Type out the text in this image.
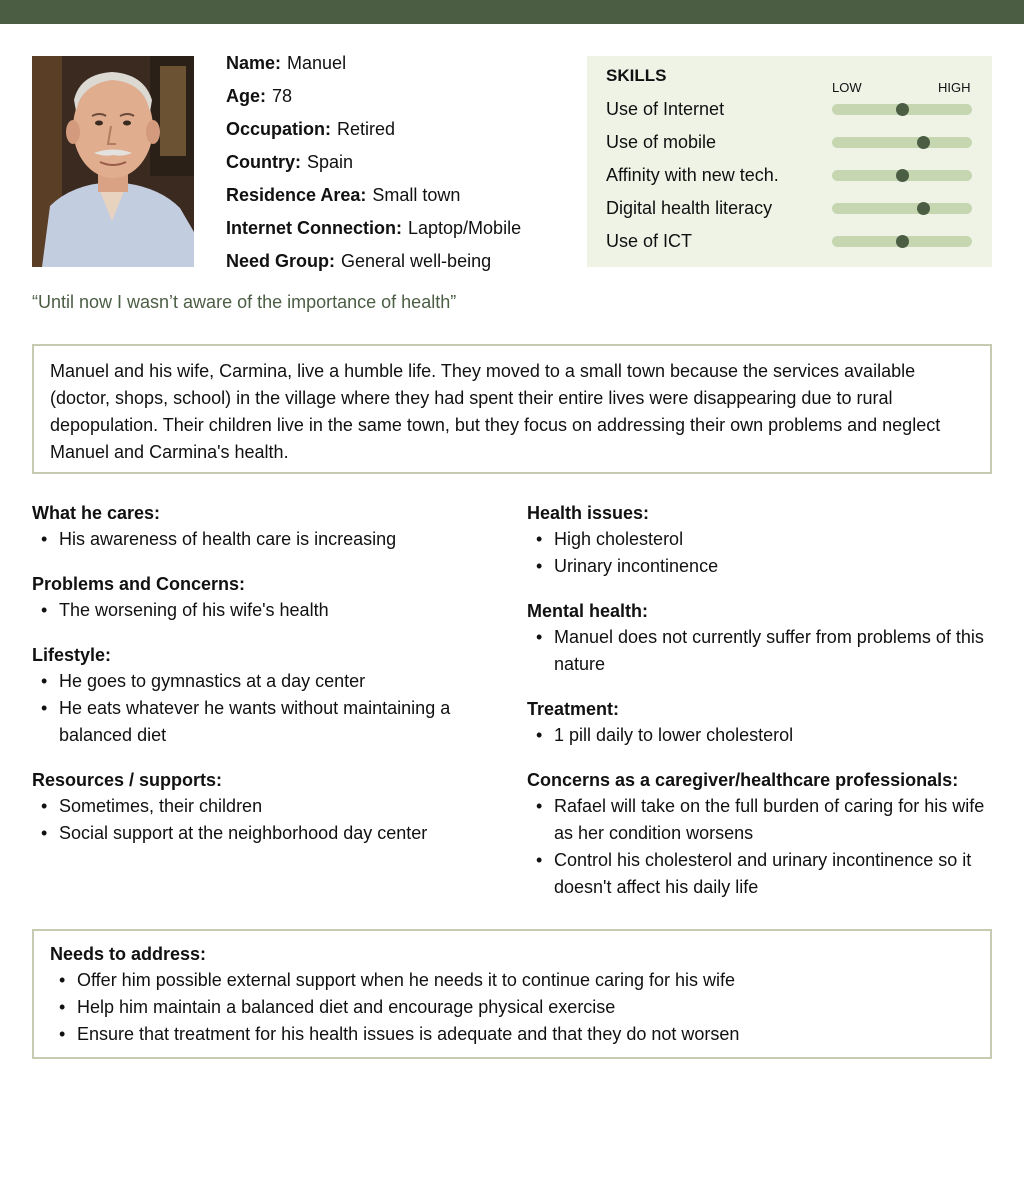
Name: Manuel
Age: 78
Occupation: Retired
Country: Spain
Residence Area: Small town
Internet Connection: Laptop/Mobile
Need Group: General well-being
SKILLS
LOW	HIGH
Use of Internet
Use of mobile
Affinity with new tech.
Digital health literacy
Use of ICT
“Until now I wasn’t aware of the importance of health”
Manuel and his wife, Carmina, live a humble life. They moved to a small town because the services available (doctor, shops, school) in the village where they had spent their entire lives were disappearing due to rural depopulation. Their children live in the same town, but they focus on addressing their own problems and neglect Manuel and Carmina's health.
What he cares:
• His awareness of health care is increasing
Problems and Concerns:
• The worsening of his wife's health
Lifestyle:
• He goes to gymnastics at a day center
• He eats whatever he wants without maintaining a balanced diet
Resources / supports:
• Sometimes, their children
• Social support at the neighborhood day center
Health issues:
• High cholesterol
• Urinary incontinence
Mental health:
• Manuel does not currently suffer from problems of this nature
Treatment:
• 1 pill daily to lower cholesterol
Concerns as a caregiver/healthcare professionals:
• Rafael will take on the full burden of caring for his wife as her condition worsens
• Control his cholesterol and urinary incontinence so it doesn't affect his daily life
Needs to address:
• Offer him possible external support when he needs it to continue caring for his wife
• Help him maintain a balanced diet and encourage physical exercise
• Ensure that treatment for his health issues is adequate and that they do not worsen
